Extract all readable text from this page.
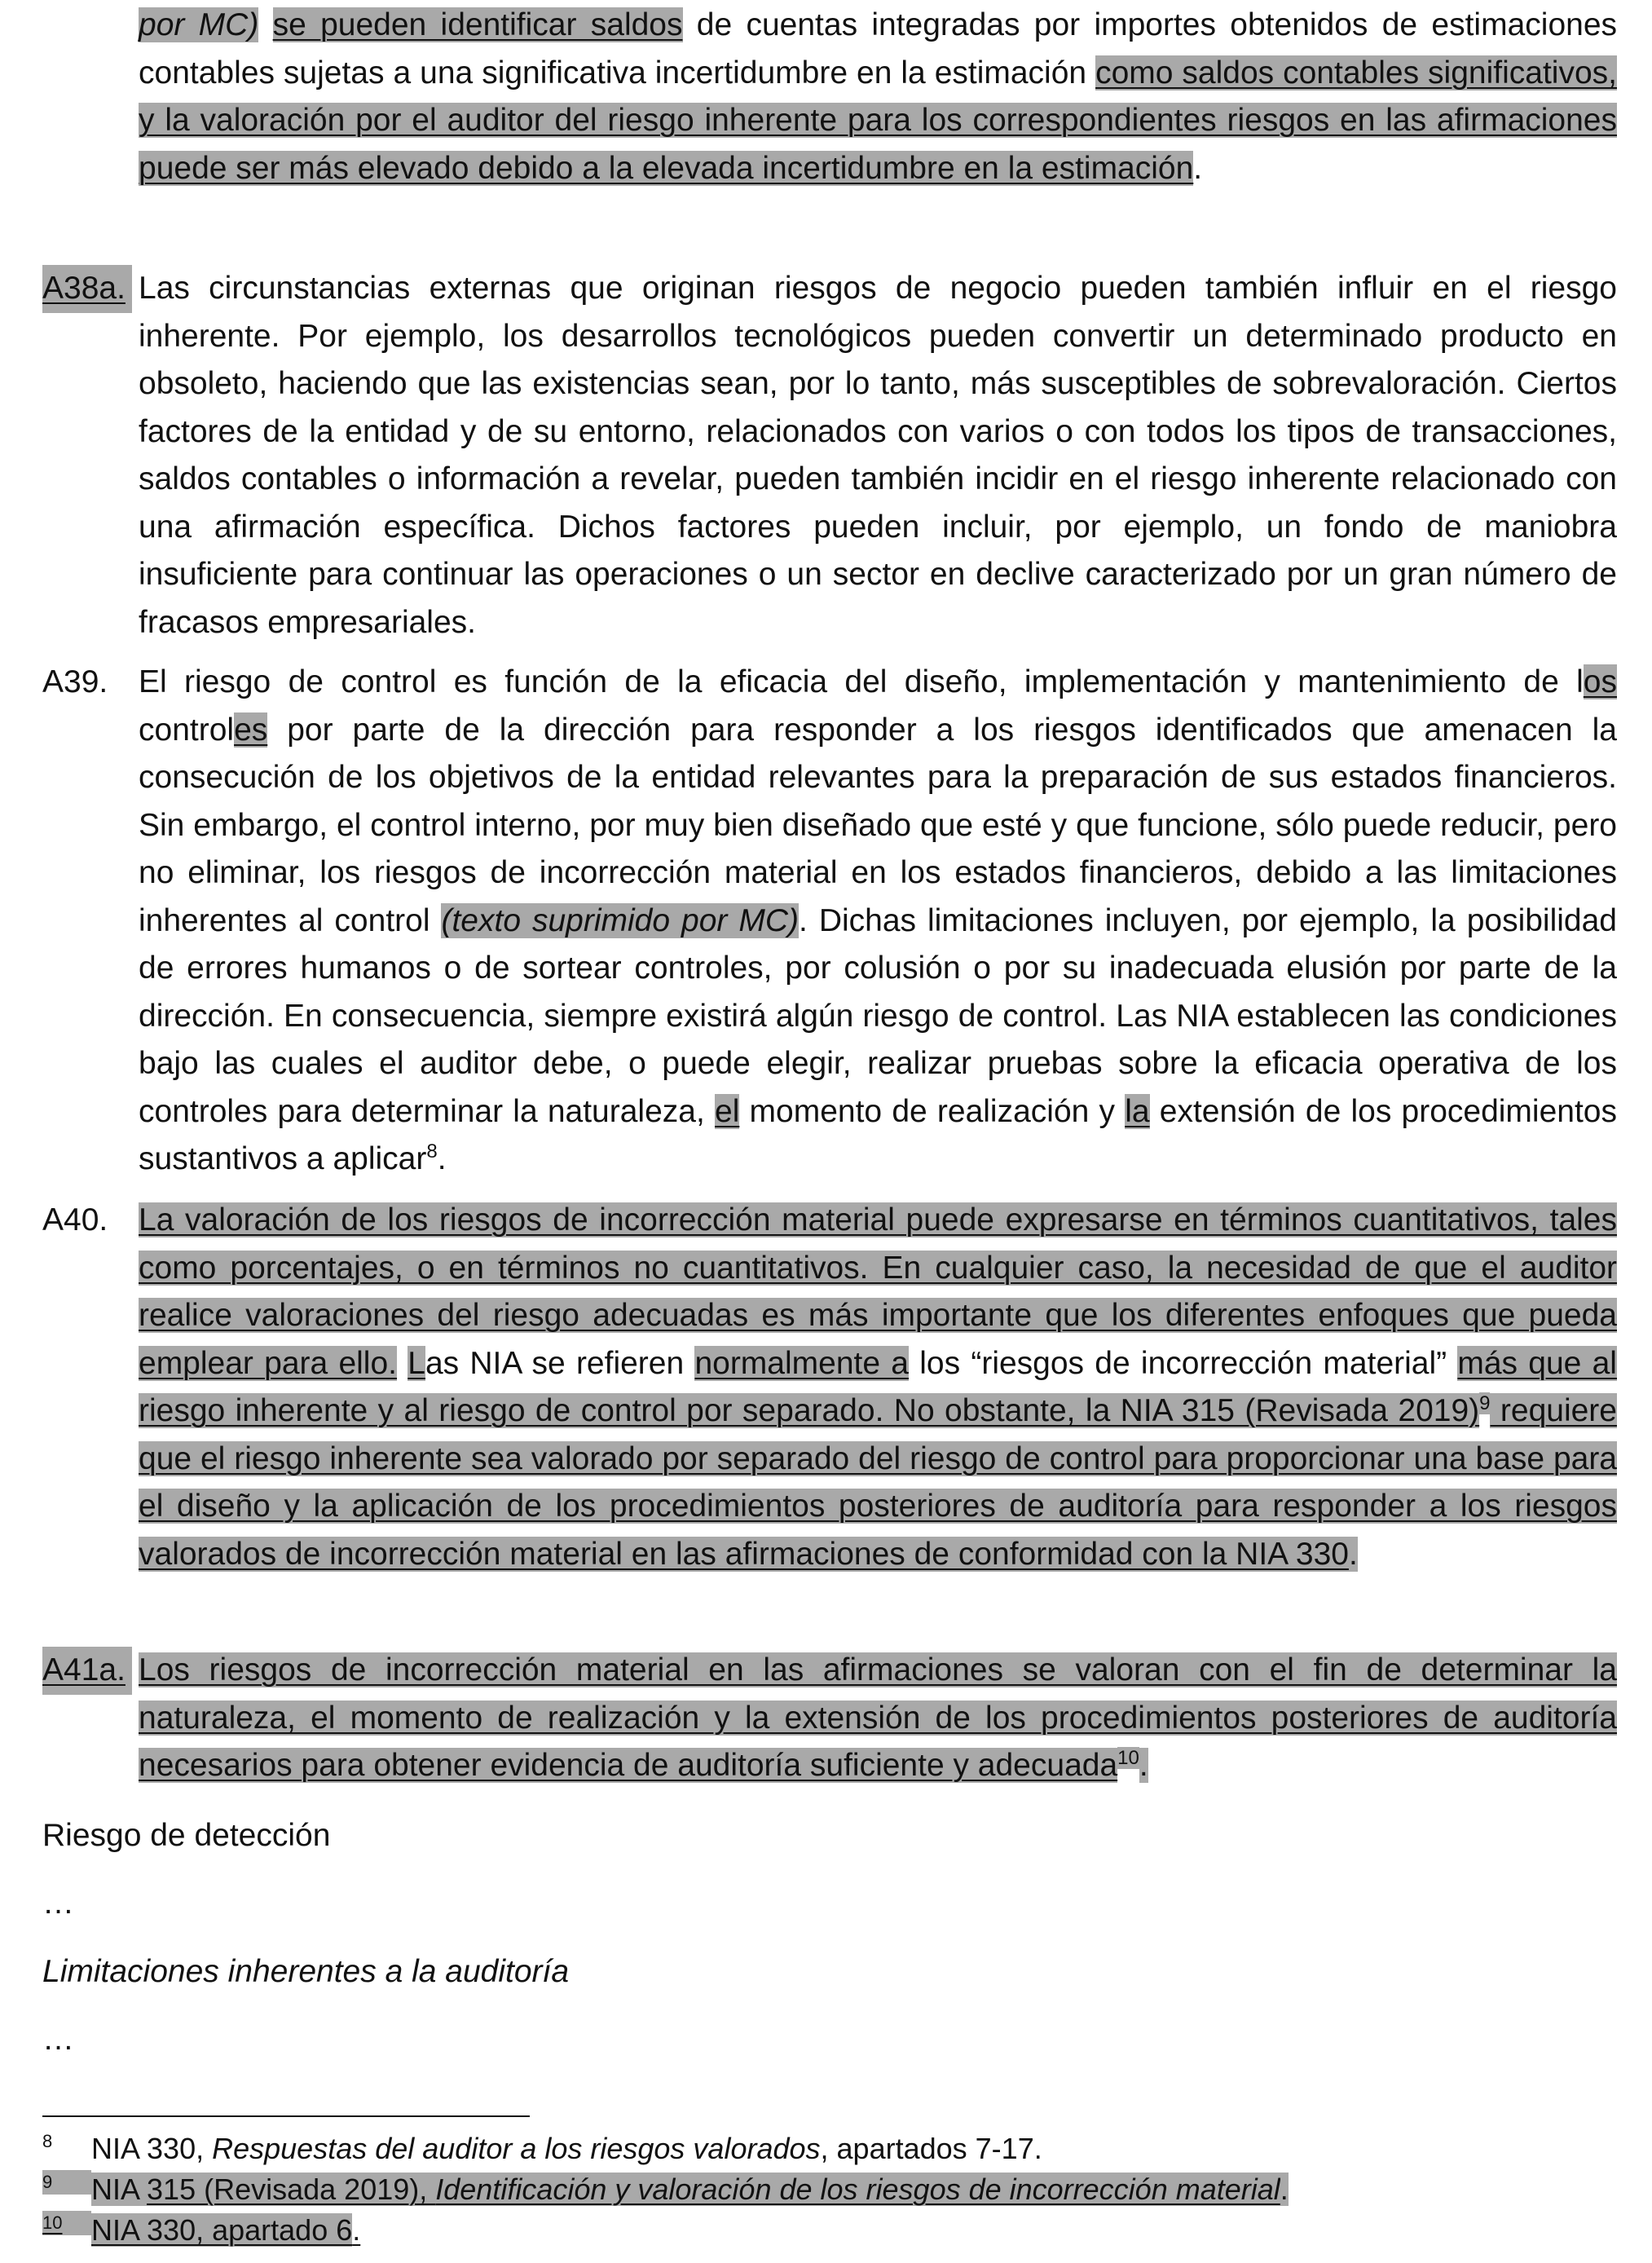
por MC) se pueden identificar saldos de cuentas integradas por importes obtenidos de estimaciones contables sujetas a una significativa incertidumbre en la estimación como saldos contables significativos, y la valoración por el auditor del riesgo inherente para los correspondientes riesgos en las afirmaciones puede ser más elevado debido a la elevada incertidumbre en la estimación.
A38a. Las circunstancias externas que originan riesgos de negocio pueden también influir en el riesgo inherente. Por ejemplo, los desarrollos tecnológicos pueden convertir un determinado producto en obsoleto, haciendo que las existencias sean, por lo tanto, más susceptibles de sobrevaloración. Ciertos factores de la entidad y de su entorno, relacionados con varios o con todos los tipos de transacciones, saldos contables o información a revelar, pueden también incidir en el riesgo inherente relacionado con una afirmación específica. Dichos factores pueden incluir, por ejemplo, un fondo de maniobra insuficiente para continuar las operaciones o un sector en declive caracterizado por un gran número de fracasos empresariales.
A39. El riesgo de control es función de la eficacia del diseño, implementación y mantenimiento de los controles por parte de la dirección para responder a los riesgos identificados que amenacen la consecución de los objetivos de la entidad relevantes para la preparación de sus estados financieros. Sin embargo, el control interno, por muy bien diseñado que esté y que funcione, sólo puede reducir, pero no eliminar, los riesgos de incorrección material en los estados financieros, debido a las limitaciones inherentes al control (texto suprimido por MC). Dichas limitaciones incluyen, por ejemplo, la posibilidad de errores humanos o de sortear controles, por colusión o por su inadecuada elusión por parte de la dirección. En consecuencia, siempre existirá algún riesgo de control. Las NIA establecen las condiciones bajo las cuales el auditor debe, o puede elegir, realizar pruebas sobre la eficacia operativa de los controles para determinar la naturaleza, el momento de realización y la extensión de los procedimientos sustantivos a aplicar$^8$.
A40. La valoración de los riesgos de incorrección material puede expresarse en términos cuantitativos, tales como porcentajes, o en términos no cuantitativos. En cualquier caso, la necesidad de que el auditor realice valoraciones del riesgo adecuadas es más importante que los diferentes enfoques que pueda emplear para ello. Las NIA se refieren normalmente a los “riesgos de incorrección material” más que al riesgo inherente y al riesgo de control por separado. No obstante, la NIA 315 (Revisada 2019)$^9$ requiere que el riesgo inherente sea valorado por separado del riesgo de control para proporcionar una base para el diseño y la aplicación de los procedimientos posteriores de auditoría para responder a los riesgos valorados de incorrección material en las afirmaciones de conformidad con la NIA 330.
A41a. Los riesgos de incorrección material en las afirmaciones se valoran con el fin de determinar la naturaleza, el momento de realización y la extensión de los procedimientos posteriores de auditoría necesarios para obtener evidencia de auditoría suficiente y adecuada$^{10}$.
Riesgo de detección
…
Limitaciones inherentes a la auditoría
…
8 NIA 330, Respuestas del auditor a los riesgos valorados, apartados 7-17.
9 NIA 315 (Revisada 2019), Identificación y valoración de los riesgos de incorrección material.
10 NIA 330, apartado 6.
